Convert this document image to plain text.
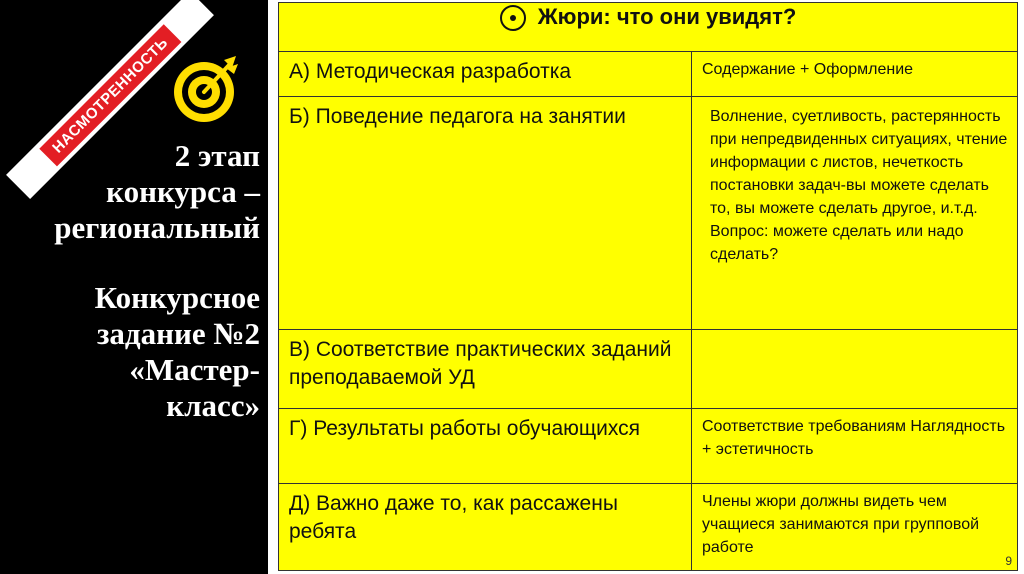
НАСМОТРЕННОСТЬ 2 этап
конкурса –
региональный
Конкурсное
задание №2
«Мастер-
класс»
Жюри: что они увидят?	
А) Методическая разработка	Содержание + Оформление
Б) Поведение педагога на занятии	Волнение, суетливость, растерянность при непредвиденных ситуациях, чтение информации с листов, нечеткость постановки задач-вы можете сделать то, вы можете сделать другое, и.т.д. Вопрос: можете сделать или надо сделать?
В) Соответствие практических заданий преподаваемой УД	
Г) Результаты работы обучающихся	Соответствие требованиям Наглядность + эстетичность
Д) Важно даже то, как рассажены ребята	Члены жюри должны видеть чем учащиеся занимаются при групповой работе
9
